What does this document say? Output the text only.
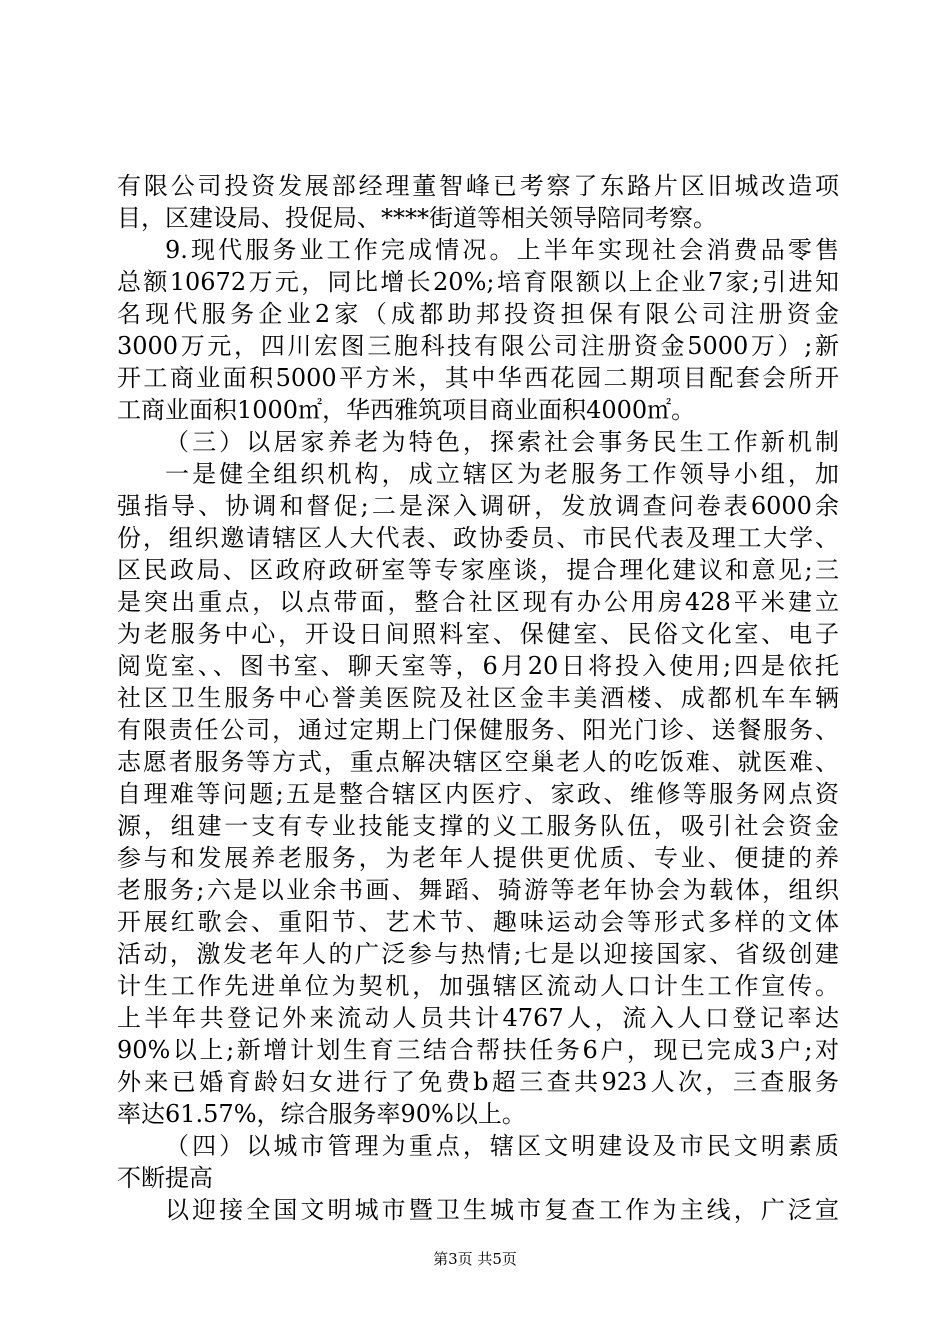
有限公司投资发展部经理董智峰已考察了东路片区旧城改造项
目，区建设局、投促局、****街道等相关领导陪同考察。
9.现代服务业工作完成情况。上半年实现社会消费品零售
总额10672万元，同比增长20%;培育限额以上企业7家;引进知
名现代服务企业2家（成都助邦投资担保有限公司注册资金
3000万元，四川宏图三胞科技有限公司注册资金5000万）;新
开工商业面积5000平方米，其中华西花园二期项目配套会所开
工商业面积1000㎡，华西雅筑项目商业面积4000㎡。
（三）以居家养老为特色，探索社会事务民生工作新机制
一是健全组织机构，成立辖区为老服务工作领导小组，加
强指导、协调和督促;二是深入调研，发放调查问卷表6000余
份，组织邀请辖区人大代表、政协委员、市民代表及理工大学、
区民政局、区政府政研室等专家座谈，提合理化建议和意见;三
是突出重点，以点带面，整合社区现有办公用房428平米建立
为老服务中心，开设日间照料室、保健室、民俗文化室、电子
阅览室、、图书室、聊天室等，6月20日将投入使用;四是依托
社区卫生服务中心誉美医院及社区金丰美酒楼、成都机车车辆
有限责任公司，通过定期上门保健服务、阳光门诊、送餐服务、
志愿者服务等方式，重点解决辖区空巢老人的吃饭难、就医难、
自理难等问题;五是整合辖区内医疗、家政、维修等服务网点资
源，组建一支有专业技能支撑的义工服务队伍，吸引社会资金
参与和发展养老服务，为老年人提供更优质、专业、便捷的养
老服务;六是以业余书画、舞蹈、骑游等老年协会为载体，组织
开展红歌会、重阳节、艺术节、趣味运动会等形式多样的文体
活动，激发老年人的广泛参与热情;七是以迎接国家、省级创建
计生工作先进单位为契机，加强辖区流动人口计生工作宣传。
上半年共登记外来流动人员共计4767人，流入人口登记率达
90%以上;新增计划生育三结合帮扶任务6户，现已完成3户;对
外来已婚育龄妇女进行了免费b超三查共923人次，三查服务
率达61.57%，综合服务率90%以上。
（四）以城市管理为重点，辖区文明建设及市民文明素质
不断提高
以迎接全国文明城市暨卫生城市复查工作为主线，广泛宣
第3页 共5页
